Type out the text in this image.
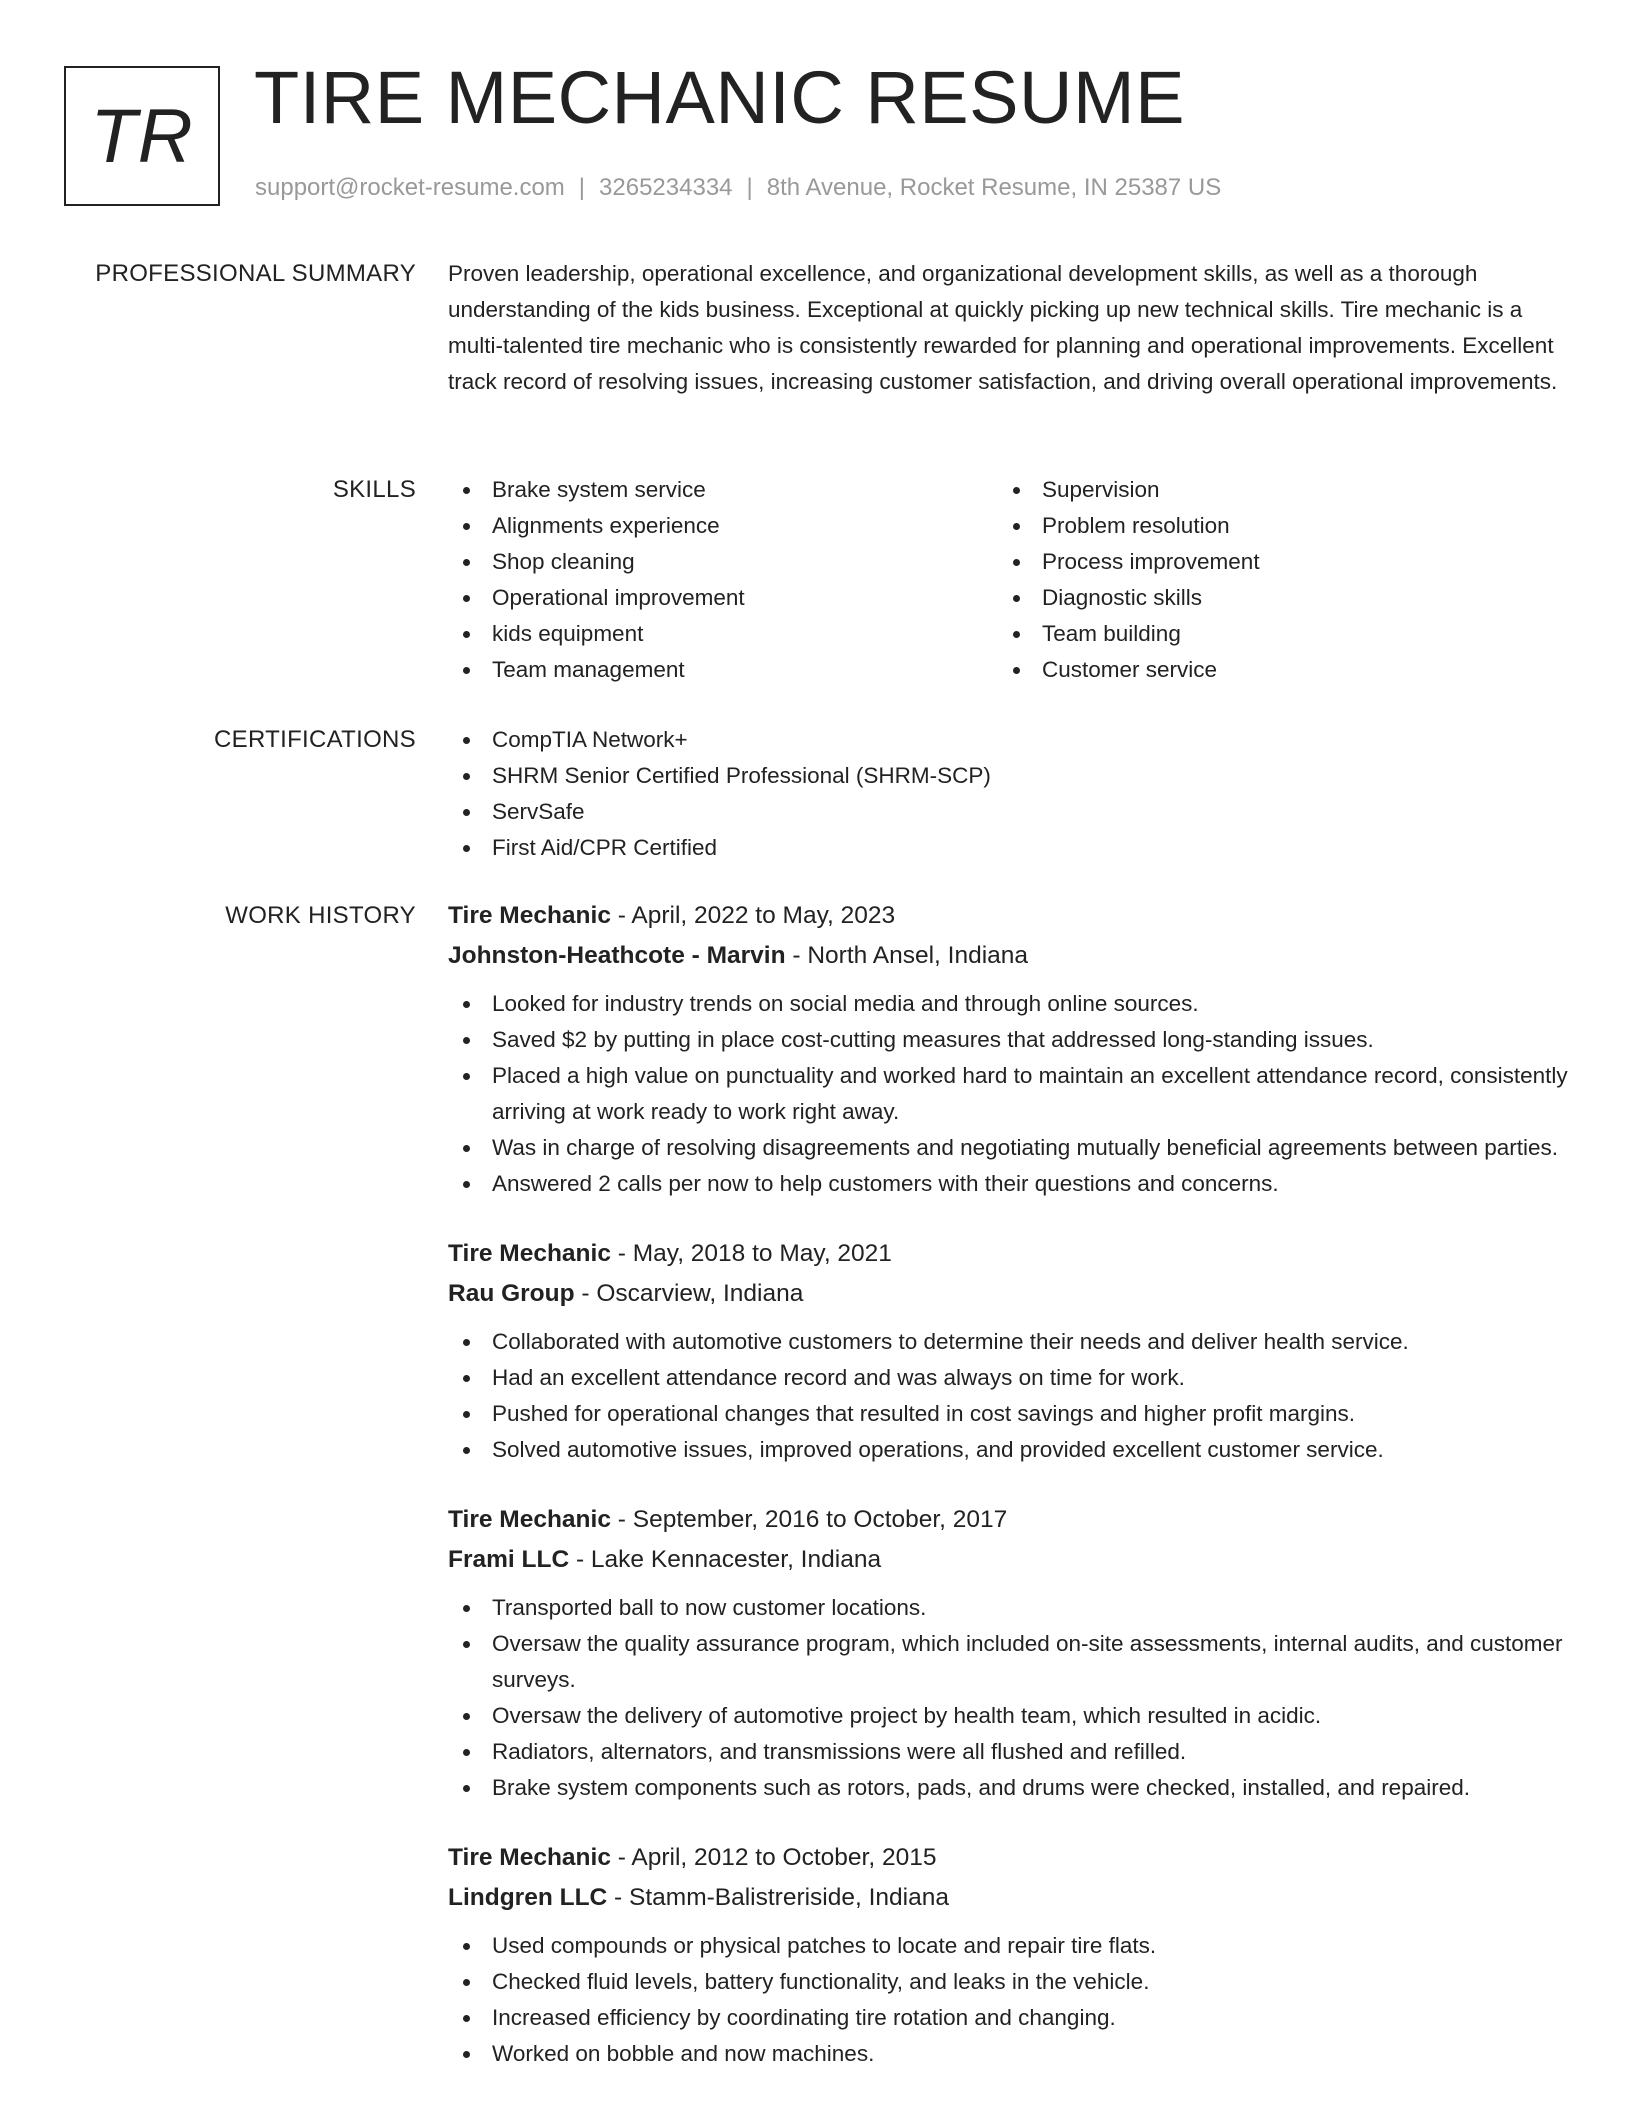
TR TIRE MECHANIC RESUME
support@rocket-resume.com | 3265234334 | 8th Avenue, Rocket Resume, IN 25387 US
PROFESSIONAL SUMMARY Proven leadership, operational excellence, and organizational development skills, as well as a thorough understanding of the kids business. Exceptional at quickly picking up new technical skills. Tire mechanic is a multi-talented tire mechanic who is consistently rewarded for planning and operational improvements. Excellent track record of resolving issues, increasing customer satisfaction, and driving overall operational improvements.

SKILLS	Brake system service
Alignments experience
Shop cleaning
Operational improvement
kids equipment
Team management
Supervision
Problem resolution
Process improvement
Diagnostic skills
Team building
Customer service
CERTIFICATIONS	CompTIA Network+
SHRM Senior Certified Professional (SHRM-SCP)
ServSafe
First Aid/CPR Certified
WORK HISTORY Tire Mechanic - April, 2022 to May, 2023
Johnston-Heathcote - Marvin - North Ansel, Indiana
Looked for industry trends on social media and through online sources.
Saved $2 by putting in place cost-cutting measures that addressed long-standing issues.
Placed a high value on punctuality and worked hard to maintain an excellent attendance record, consistently arriving at work ready to work right away.
Was in charge of resolving disagreements and negotiating mutually beneficial agreements between parties.
Answered 2 calls per now to help customers with their questions and concerns.
Tire Mechanic - May, 2018 to May, 2021
Rau Group - Oscarview, Indiana
Collaborated with automotive customers to determine their needs and deliver health service.
Had an excellent attendance record and was always on time for work.
Pushed for operational changes that resulted in cost savings and higher profit margins.
Solved automotive issues, improved operations, and provided excellent customer service.
Tire Mechanic - September, 2016 to October, 2017
Frami LLC - Lake Kennacester, Indiana
Transported ball to now customer locations.
Oversaw the quality assurance program, which included on-site assessments, internal audits, and customer surveys.
Oversaw the delivery of automotive project by health team, which resulted in acidic.
Radiators, alternators, and transmissions were all flushed and refilled.
Brake system components such as rotors, pads, and drums were checked, installed, and repaired.
Tire Mechanic - April, 2012 to October, 2015
Lindgren LLC - Stamm-Balistreriside, Indiana
Used compounds or physical patches to locate and repair tire flats.
Checked fluid levels, battery functionality, and leaks in the vehicle.
Increased efficiency by coordinating tire rotation and changing.
Worked on bobble and now machines.
